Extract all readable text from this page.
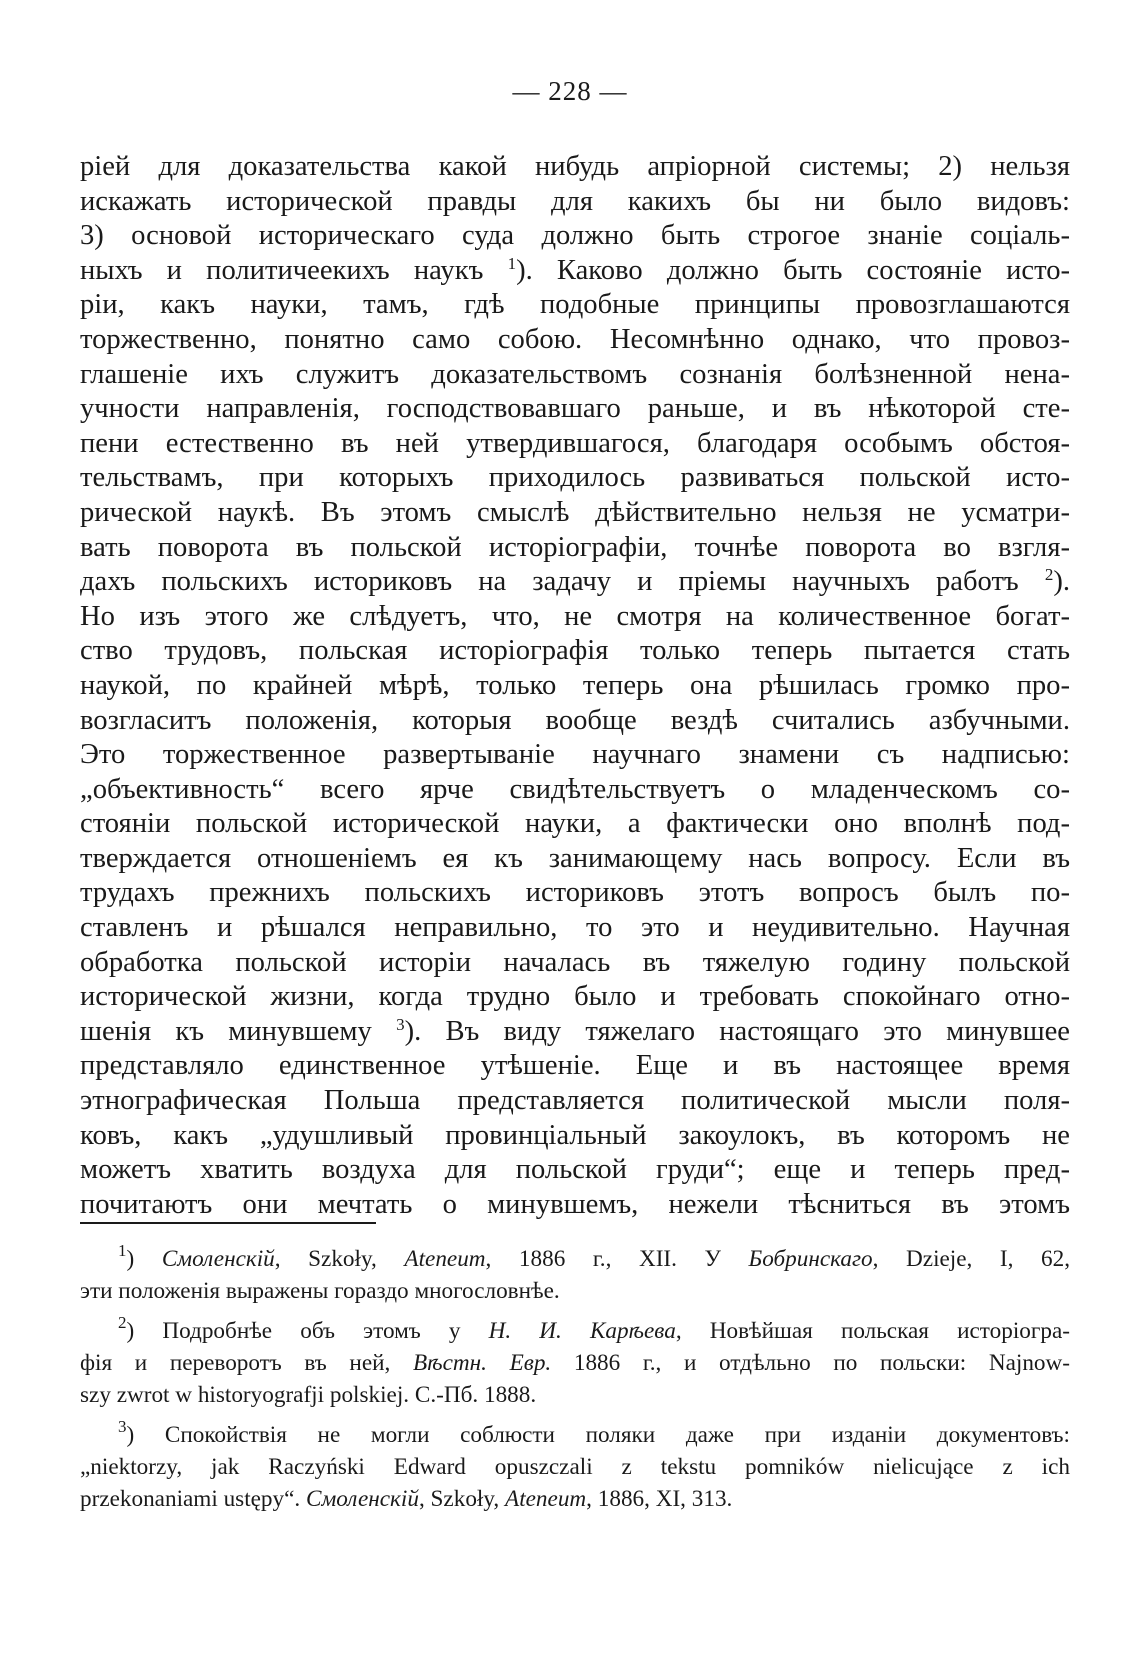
— 228 —
ріей для доказательства какой нибудь апріорной системы; 2) нельзя
искажать исторической правды для какихъ бы ни было видовъ:
3) основой историческаго суда должно быть строгое знаніе соціаль-
ныхъ и политичеекихъ наукъ $^1$). Каково должно быть состояніе исто-
ріи, какъ науки, тамъ, гдѣ подобные принципы провозглашаются
торжественно, понятно само собою. Несомнѣнно однако, что провоз-
глашеніе ихъ служитъ доказательствомъ сознанія болѣзненной нена-
учности направленія, господствовавшаго раньше, и въ нѣкоторой сте-
пени естественно въ ней утвердившагося, благодаря особымъ обстоя-
тельствамъ, при которыхъ приходилось развиваться польской исто-
рической наукѣ. Въ этомъ смыслѣ дѣйствительно нельзя не усматри-
вать поворота въ польской исторіографіи, точнѣе поворота во взгля-
дахъ польскихъ историковъ на задачу и пріемы научныхъ работъ $^2$).
Но изъ этого же слѣдуетъ, что, не смотря на количественное богат-
ство трудовъ, польская исторіографія только теперь пытается стать
наукой, по крайней мѣрѣ, только теперь она рѣшилась громко про-
возгласитъ положенія, которыя вообще вездѣ считались азбучными.
Это торжественное развертываніе научнаго знамени съ надписью:
„объективность“ всего ярче свидѣтельствуетъ о младенческомъ со-
стояніи польской исторической науки, а фактически оно вполнѣ под-
тверждается отношеніемъ ея къ занимающему нась вопросу. Если въ
трудахъ прежнихъ польскихъ историковъ этотъ вопросъ былъ по-
ставленъ и рѣшался неправильно, то это и неудивительно. Научная
обработка польской исторіи началась въ тяжелую годину польской
исторической жизни, когда трудно было и требовать спокойнаго отно-
шенія къ минувшему $^3$). Въ виду тяжелаго настоящаго это минувшее
представляло единственное утѣшеніе. Еще и въ настоящее время
этнографическая Польша представляется политической мысли поля-
ковъ, какъ „удушливый провинціальный закоулокъ, въ которомъ не
можетъ хватить воздуха для польской груди“; еще и теперь пред-
почитаютъ они мечтать о минувшемъ, нежели тѣсниться въ этомъ
$^1$) Смоленскій, Szkoły, Ateneum, 1886 г., XII. У Бобринскаго, Dzieje, I, 62,
эти положенія выражены гораздо многословнѣе.
$^2$) Подробнѣе объ этомъ у Н. И. Карѣева, Новѣйшая польская исторіогра-
фія и переворотъ въ ней, Вѣстн. Евр. 1886 г., и отдѣльно по польски: Najnow-
szy zwrot w historyografji polskiej. С.-Пб. 1888.
$^3$) Спокойствія не могли соблюсти поляки даже при изданіи документовъ:
„niektorzy, jak Raczyński Edward opuszczali z tekstu pomników nielicujące z ich
przekonaniami ustępy“. Смоленскій, Szkoły, Ateneum, 1886, XI, 313.
